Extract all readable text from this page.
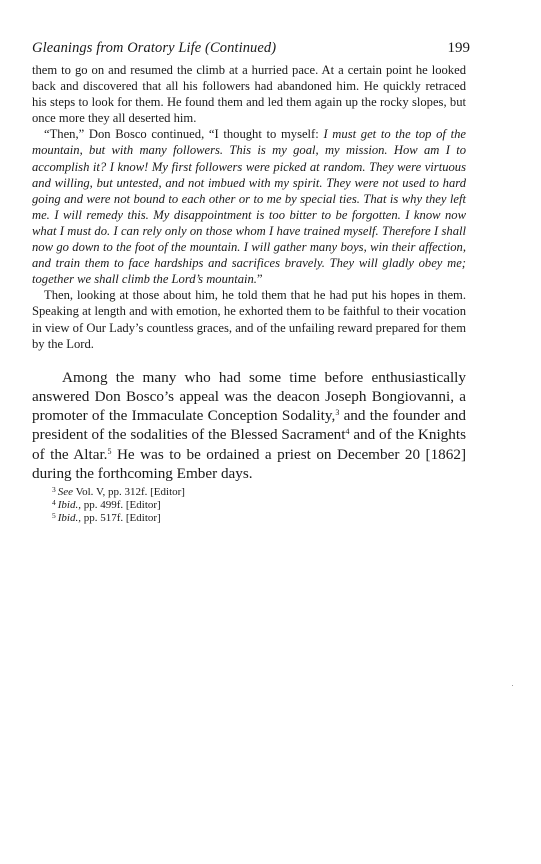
Gleanings from Oratory Life (Continued)	199

them to go on and resumed the climb at a hurried pace. At a certain point he looked back and discovered that all his followers had abandoned him. He quickly retraced his steps to look for them. He found them and led them again up the rocky slopes, but once more they all deserted him.

“Then,” Don Bosco continued, “I thought to myself: I must get to the top of the mountain, but with many followers. This is my goal, my mission. How am I to accomplish it? I know! My first followers were picked at random. They were virtuous and willing, but untested, and not imbued with my spirit. They were not used to hard going and were not bound to each other or to me by special ties. That is why they left me. I will remedy this. My disappointment is too bitter to be forgotten. I know now what I must do. I can rely only on those whom I have trained myself. Therefore I shall now go down to the foot of the mountain. I will gather many boys, win their affection, and train them to face hardships and sacrifices bravely. They will gladly obey me; together we shall climb the Lord’s mountain.”

Then, looking at those about him, he told them that he had put his hopes in them. Speaking at length and with emotion, he exhorted them to be faithful to their vocation in view of Our Lady’s countless graces, and of the unfailing reward prepared for them by the Lord.

Among the many who had some time before enthusiastically answered Don Bosco’s appeal was the deacon Joseph Bongiovanni, a promoter of the Immaculate Conception Sodality,$^3$ and the founder and president of the sodalities of the Blessed Sacrament$^4$ and of the Knights of the Altar.$^5$ He was to be ordained a priest on December 20 [1862] during the forthcoming Ember days.

$^3$ See Vol. V, pp. 312f. [Editor]
$^4$ Ibid., pp. 499f. [Editor]
$^5$ Ibid., pp. 517f. [Editor]
